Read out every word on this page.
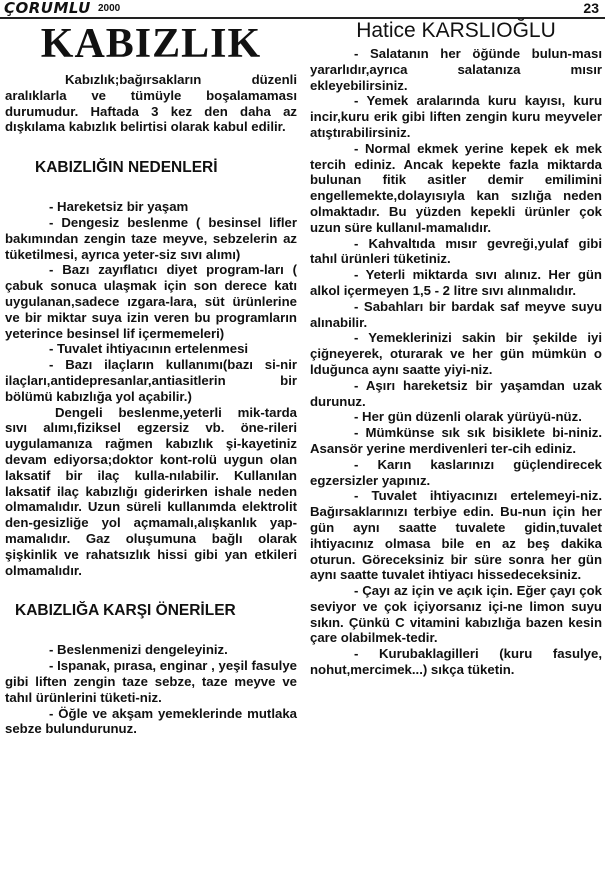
ÇORUMLU 2000	23
KABIZLIK

Kabızlık;bağırsakların düzenli aralıklarla ve tümüyle boşalamaması durumudur. Haftada 3 kez den daha az dışkılama kabızlık belirtisi olarak kabul edilir.

KABIZLIĞIN NEDENLERİ

- Hareketsiz bir yaşam

- Dengesiz beslenme ( besinsel lifler bakımından zengin taze meyve, sebzelerin az tüketilmesi, ayrıca yeter-siz sıvı alımı)

- Bazı zayıflatıcı diyet program-ları ( çabuk sonuca ulaşmak için son derece katı uygulanan,sadece ızgara-lara, süt ürünlerine ve bir miktar suya izin veren bu programların yeterince besinsel lif içermemeleri)

- Tuvalet ihtiyacının ertelenmesi

- Bazı ilaçların kullanımı(bazı si-nir ilaçları,antidepresanlar,antiasitlerin bir bölümü kabızlığa yol açabilir.)

Dengeli beslenme,yeterli mik-tarda sıvı alımı,fiziksel egzersiz vb. öne-rileri uygulamanıza rağmen kabızlık şi-kayetiniz devam ediyorsa;doktor kont-rolü uygun olan laksatif bir ilaç kulla-nılabilir. Kullanılan laksatif ilaç kabızlığı giderirken ishale neden olmamalıdır. Uzun süreli kullanımda elektrolit den-gesizliğe yol açmamalı,alışkanlık yap-mamalıdır. Gaz oluşumuna bağlı olarak şişkinlik ve rahatsızlık hissi gibi yan etkileri olmamalıdır.

KABIZLIĞA KARŞI ÖNERİLER

- Beslenmenizi dengeleyiniz.

- Ispanak, pırasa, enginar , yeşil fasulye gibi liften zengin taze sebze, taze meyve ve tahıl ürünlerini tüketi-niz.

- Öğle ve akşam yemeklerinde mutlaka sebze bulundurunuz.

Hatice KARSLIOĞLU

- Salatanın her öğünde bulun-ması yararlıdır,ayrıca salatanıza mısır ekleyebilirsiniz.

- Yemek aralarında kuru kayısı, kuru incir,kuru erik gibi liften zengin kuru meyveler atıştırabilirsiniz.

- Normal ekmek yerine kepek ek mek tercih ediniz. Ancak kepekte fazla miktarda bulunan fitik asitler demir emilimini engellemekte,dolayısıyla kan sızlığa neden olmaktadır. Bu yüzden kepekli ürünler çok uzun süre kullanıl-mamalıdır.

- Kahvaltıda mısır gevreği,yulaf gibi tahıl ürünleri tüketiniz.

- Yeterli miktarda sıvı alınız. Her gün alkol içermeyen 1,5 - 2 litre sıvı alınmalıdır.

- Sabahları bir bardak saf meyve suyu alınabilir.

- Yemeklerinizi sakin bir şekilde iyi çiğneyerek, oturarak ve her gün mümkün o lduğunca aynı saatte yiyi-niz.

- Aşırı hareketsiz bir yaşamdan uzak durunuz.

- Her gün düzenli olarak yürüyü-nüz.

- Mümkünse sık sık bisiklete bi-niniz. Asansör yerine merdivenleri ter-cih ediniz.

- Karın kaslarınızı güçlendirecek egzersizler yapınız.

- Tuvalet ihtiyacınızı ertelemeyi-niz. Bağırsaklarınızı terbiye edin. Bu-nun için her gün aynı saatte tuvalete gidin,tuvalet ihtiyacınız olmasa bile en az beş dakika oturun. Göreceksiniz bir süre sonra her gün aynı saatte tuvalet ihtiyacı hissedeceksiniz.

- Çayı az için ve açık için. Eğer çayı çok seviyor ve çok içiyorsanız içi-ne limon suyu sıkın. Çünkü C vitamini kabızlığa bazen kesin çare olabilmek-tedir.

- Kurubaklagilleri (kuru fasulye, nohut,mercimek...) sıkça tüketin.
